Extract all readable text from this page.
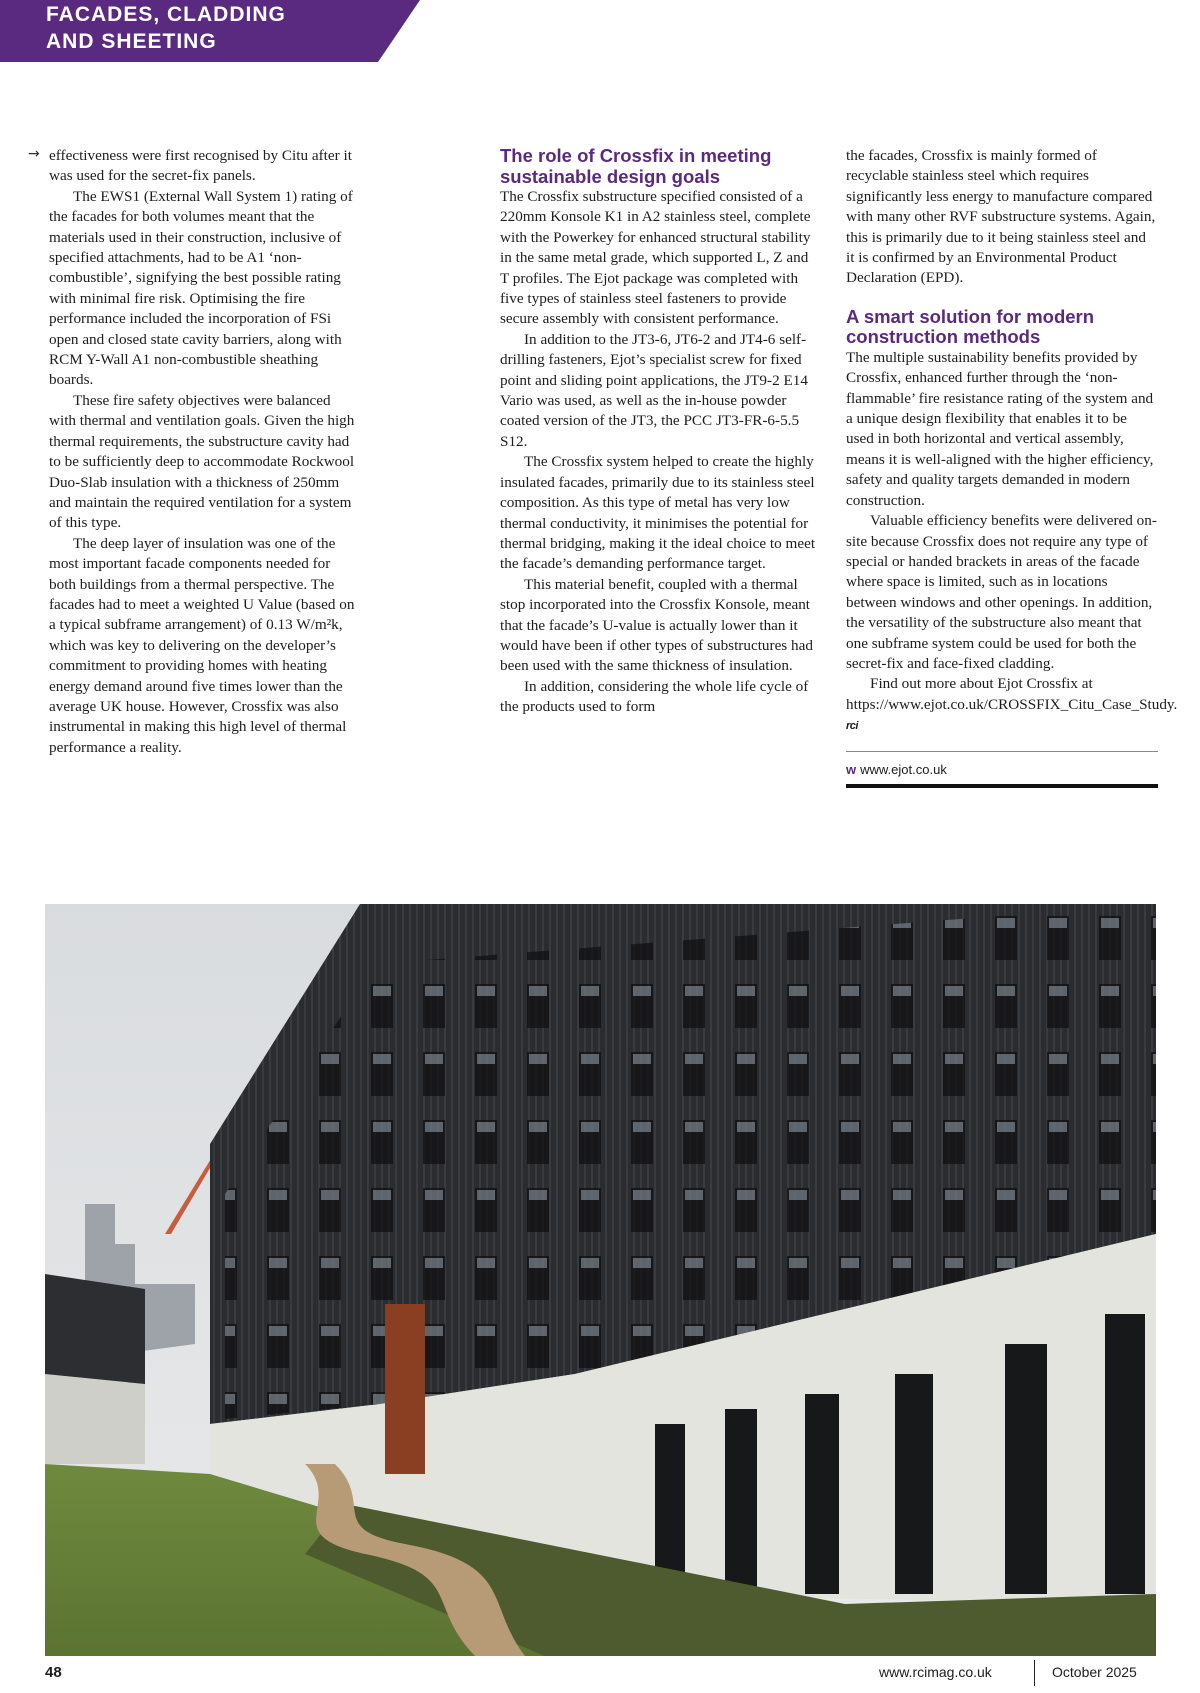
FACADES, CLADDING
AND SHEETING
→ effectiveness were first recognised by Citu after it was used for the secret-fix panels.

The EWS1 (External Wall System 1) rating of the facades for both volumes meant that the materials used in their construction, inclusive of specified attachments, had to be A1 ‘non-combustible’, signifying the best possible rating with minimal fire risk. Optimising the fire performance included the incorporation of FSi open and closed state cavity barriers, along with RCM Y-Wall A1 non-combustible sheathing boards.

These fire safety objectives were balanced with thermal and ventilation goals. Given the high thermal requirements, the substructure cavity had to be sufficiently deep to accommodate Rockwool Duo-Slab insulation with a thickness of 250mm and maintain the required ventilation for a system of this type.

The deep layer of insulation was one of the most important facade components needed for both buildings from a thermal perspective. The facades had to meet a weighted U Value (based on a typical subframe arrangement) of 0.13 W/m²k, which was key to delivering on the developer’s commitment to providing homes with heating energy demand around five times lower than the average UK house. However, Crossfix was also instrumental in making this high level of thermal performance a reality.

The role of Crossfix in meeting sustainable design goals

The Crossfix substructure specified consisted of a 220mm Konsole K1 in A2 stainless steel, complete with the Powerkey for enhanced structural stability in the same metal grade, which supported L, Z and T profiles. The Ejot package was completed with five types of stainless steel fasteners to provide secure assembly with consistent performance.

In addition to the JT3-6, JT6-2 and JT4-6 self-drilling fasteners, Ejot’s specialist screw for fixed point and sliding point applications, the JT9-2 E14 Vario was used, as well as the in-house powder coated version of the JT3, the PCC JT3-FR-6-5.5 S12.

The Crossfix system helped to create the highly insulated facades, primarily due to its stainless steel composition. As this type of metal has very low thermal conductivity, it minimises the potential for thermal bridging, making it the ideal choice to meet the facade’s demanding performance target.

This material benefit, coupled with a thermal stop incorporated into the Crossfix Konsole, meant that the facade’s U-value is actually lower than it would have been if other types of substructures had been used with the same thickness of insulation.

In addition, considering the whole life cycle of the products used to form

the facades, Crossfix is mainly formed of recyclable stainless steel which requires significantly less energy to manufacture compared with many other RVF substructure systems. Again, this is primarily due to it being stainless steel and it is confirmed by an Environmental Product Declaration (EPD).

A smart solution for modern construction methods

The multiple sustainability benefits provided by Crossfix, enhanced further through the ‘non-flammable’ fire resistance rating of the system and a unique design flexibility that enables it to be used in both horizontal and vertical assembly, means it is well-aligned with the higher efficiency, safety and quality targets demanded in modern construction.

Valuable efficiency benefits were delivered on-site because Crossfix does not require any type of special or handed brackets in areas of the facade where space is limited, such as in locations between windows and other openings. In addition, the versatility of the substructure also meant that one subframe system could be used for both the secret-fix and face-fixed cladding.

Find out more about Ejot Crossfix at https://www.ejot.co.uk/CROSSFIX_Citu_Case_Study. rci

w www.ejot.co.uk
48	www.rcimag.co.uk	October 2025
